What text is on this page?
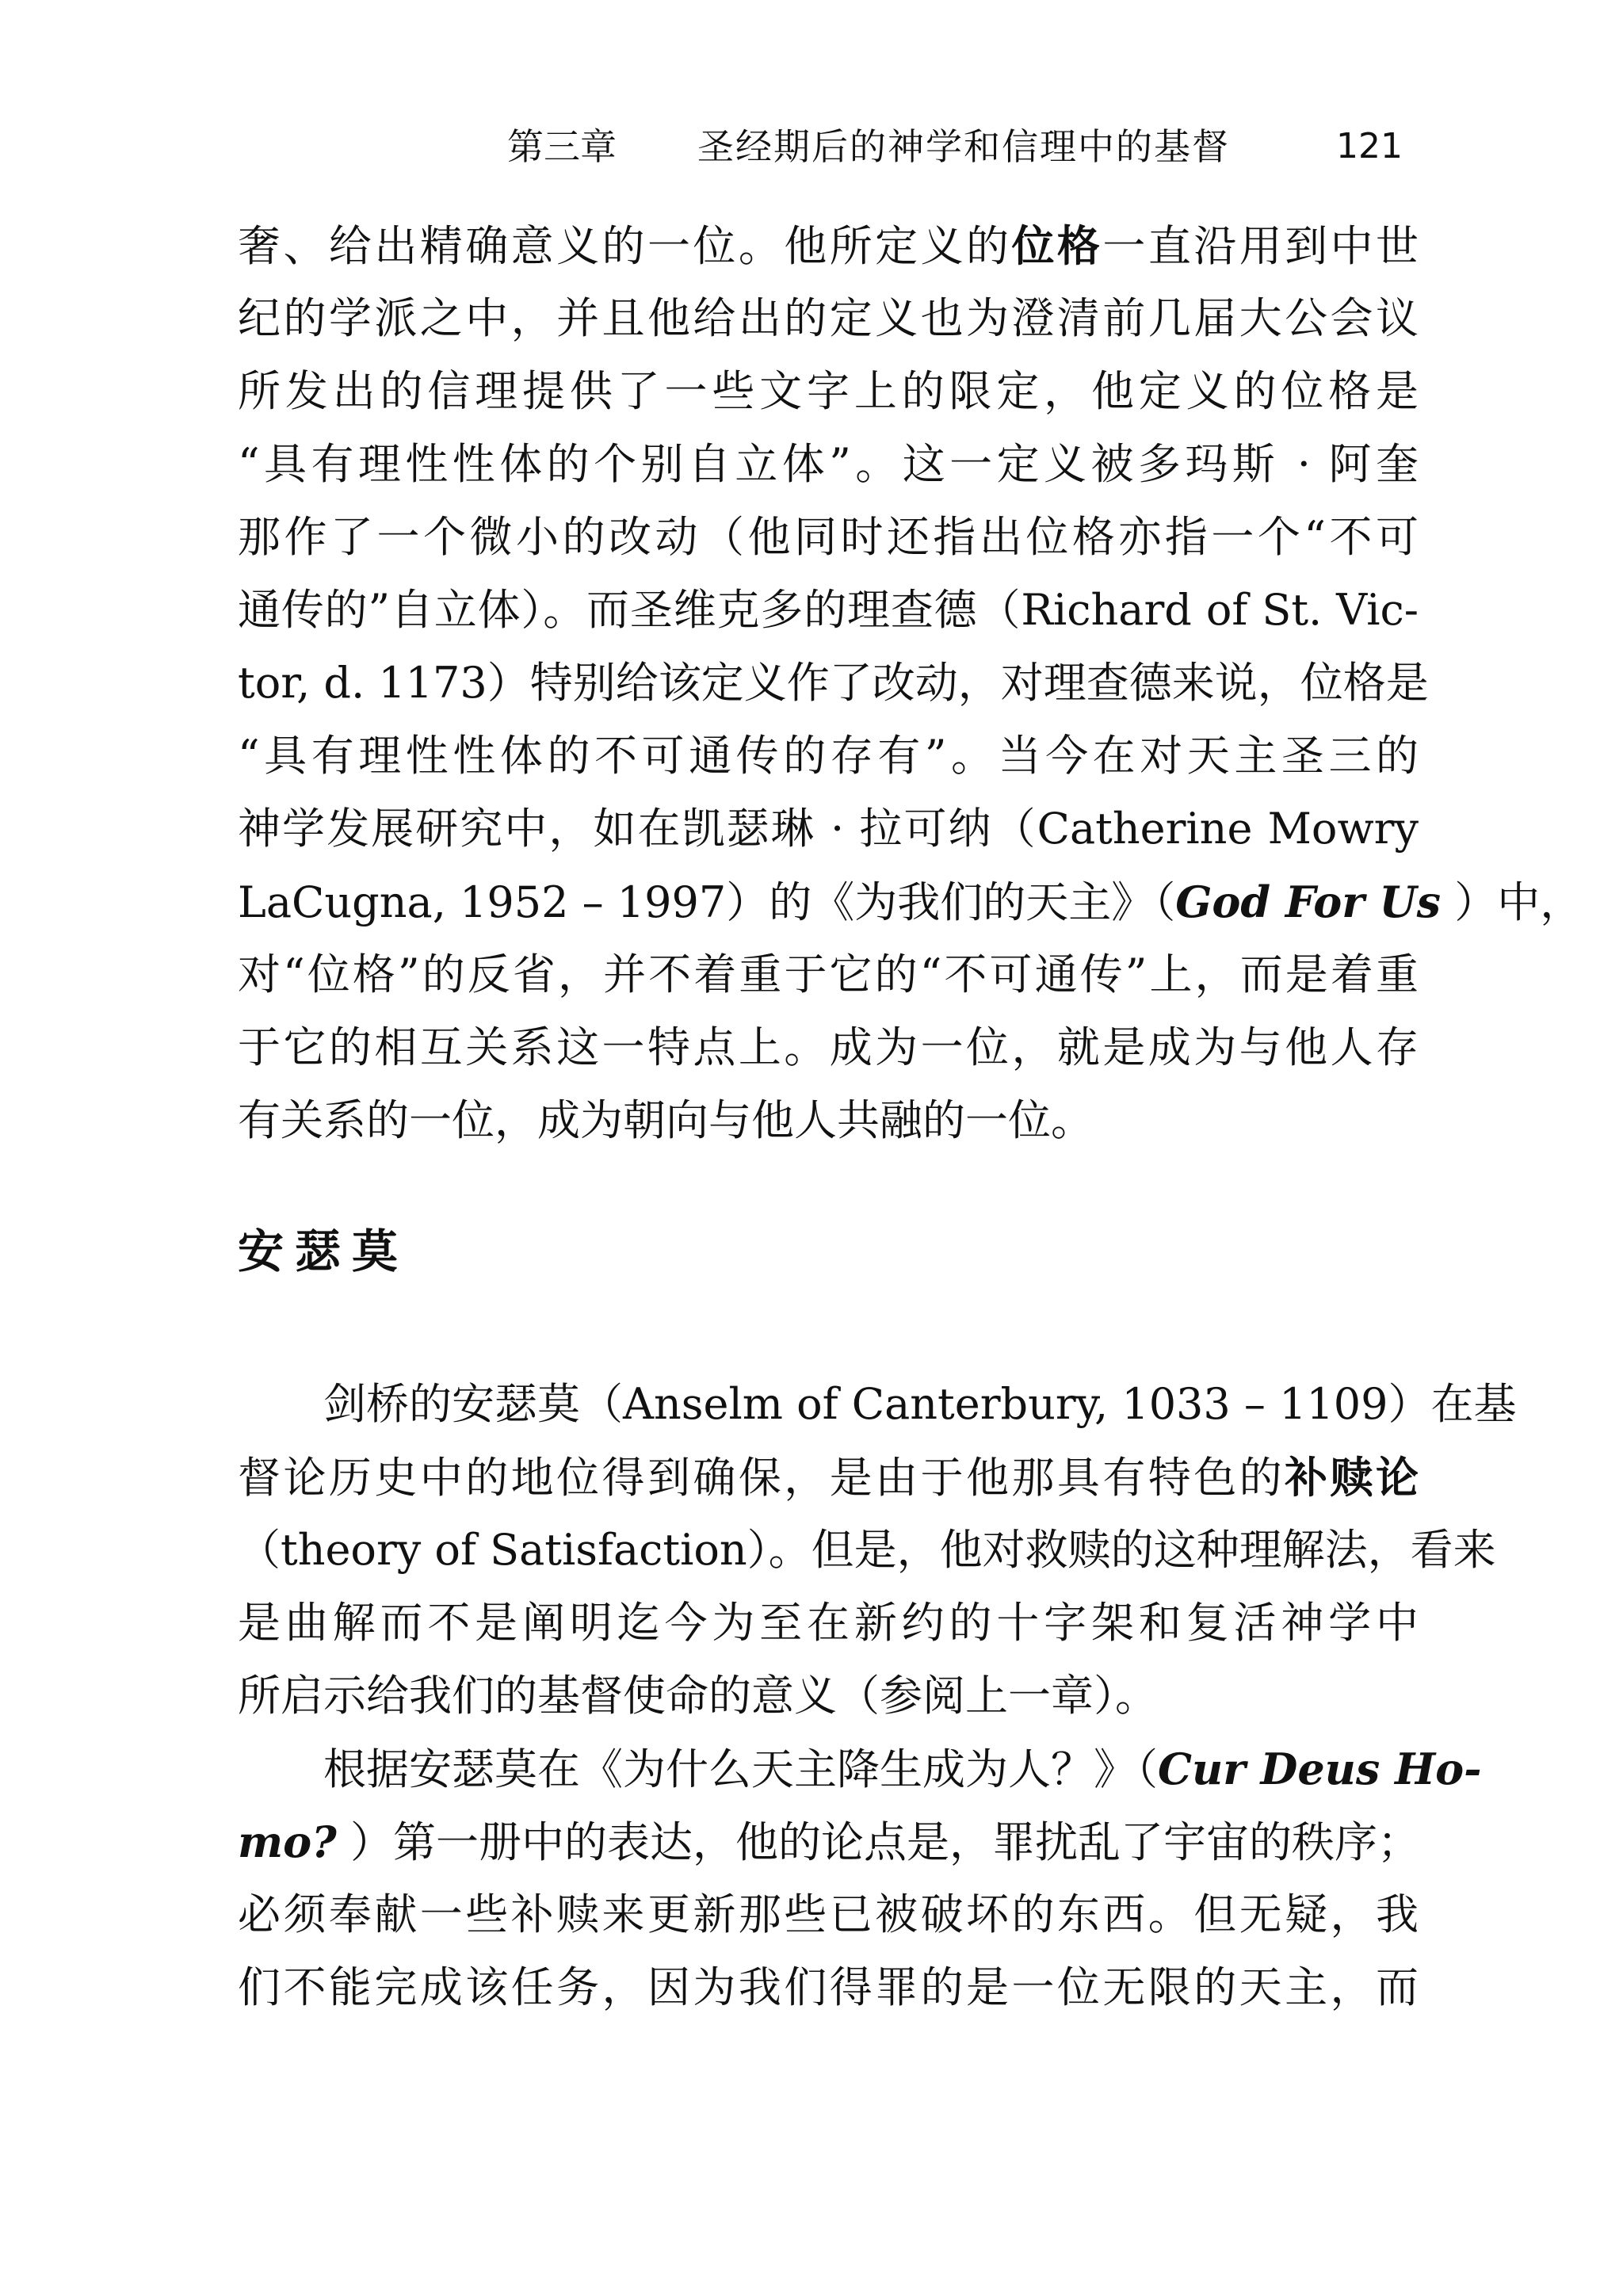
第三章 圣经期后的神学和信理中的基督	121
奢、给出精确意义的一位。他所定义的位格一直沿用到中世
纪的学派之中，并且他给出的定义也为澄清前几届大公会议
所发出的信理提供了一些文字上的限定，他定义的位格是
“具有理性性体的个别自立体”。这一定义被多玛斯 · 阿奎
那作了一个微小的改动（他同时还指出位格亦指一个“不可
通传的”自立体）。而圣维克多的理查德（Richard of St. Vic-
tor, d. 1173）特别给该定义作了改动，对理查德来说，位格是
“具有理性性体的不可通传的存有”。当今在对天主圣三的
神学发展研究中，如在凯瑟琳 · 拉可纳（Catherine Mowry
LaCugna, 1952 – 1997）的《为我们的天主》（God For Us ）中，
对“位格”的反省，并不着重于它的“不可通传”上，而是着重
于它的相互关系这一特点上。成为一位，就是成为与他人存
有关系的一位，成为朝向与他人共融的一位。
安瑟莫
剑桥的安瑟莫（Anselm of Canterbury, 1033 – 1109）在基
督论历史中的地位得到确保，是由于他那具有特色的补赎论
（theory of Satisfaction）。但是，他对救赎的这种理解法，看来
是曲解而不是阐明迄今为至在新约的十字架和复活神学中
所启示给我们的基督使命的意义（参阅上一章）。
根据安瑟莫在《为什么天主降生成为人？》（Cur Deus Ho-
mo? ）第一册中的表达，他的论点是，罪扰乱了宇宙的秩序；
必须奉献一些补赎来更新那些已被破坏的东西。但无疑，我
们不能完成该任务，因为我们得罪的是一位无限的天主，而
